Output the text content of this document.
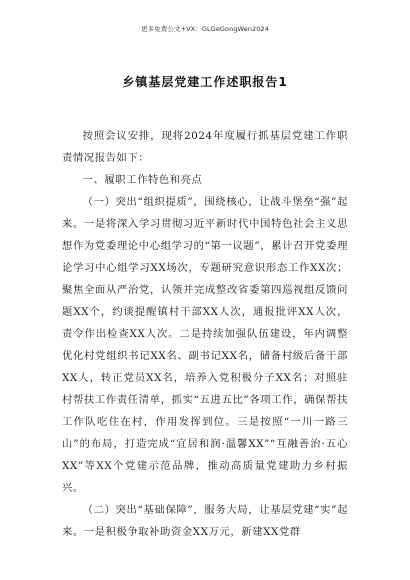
更多免费公文+VX：GLGeGongWen2024
乡镇基层党建工作述职报告1

按照会议安排，现将2024年度履行抓基层党建工作职责情况报告如下：

一、履职工作特色和亮点

（一）突出“组织提质”，围绕核心，让战斗堡垒“强”起来。一是将深入学习贯彻习近平新时代中国特色社会主义思想作为党委理论中心组学习的“第一议题”，累计召开党委理论学习中心组学习XX场次，专题研究意识形态工作XX次；聚焦全面从严治党，认领并完成整改省委第四巡视组反馈问题XX个，约谈提醒镇村干部XX人次，通报批评XX人次，责令作出检查XX人次。二是持续加强队伍建设，年内调整优化村党组织书记XX名、副书记XX名，储备村级后备干部XX人，转正党员XX名，培养入党积极分子XX名；对照驻村帮扶工作责任清单，抓实“五进五比”各项工作，确保帮扶工作队吃住在村，作用发挥到位。三是按照“一川一路三山”的布局，打造完成“宜居和润·温馨XX”“互融善治·五心XX”等XX个党建示范品牌，推动高质量党建助力乡村振兴。

（二）突出“基础保障”，服务大局，让基层党建“实”起来。一是积极争取补助资金XX万元，新建XX党群
